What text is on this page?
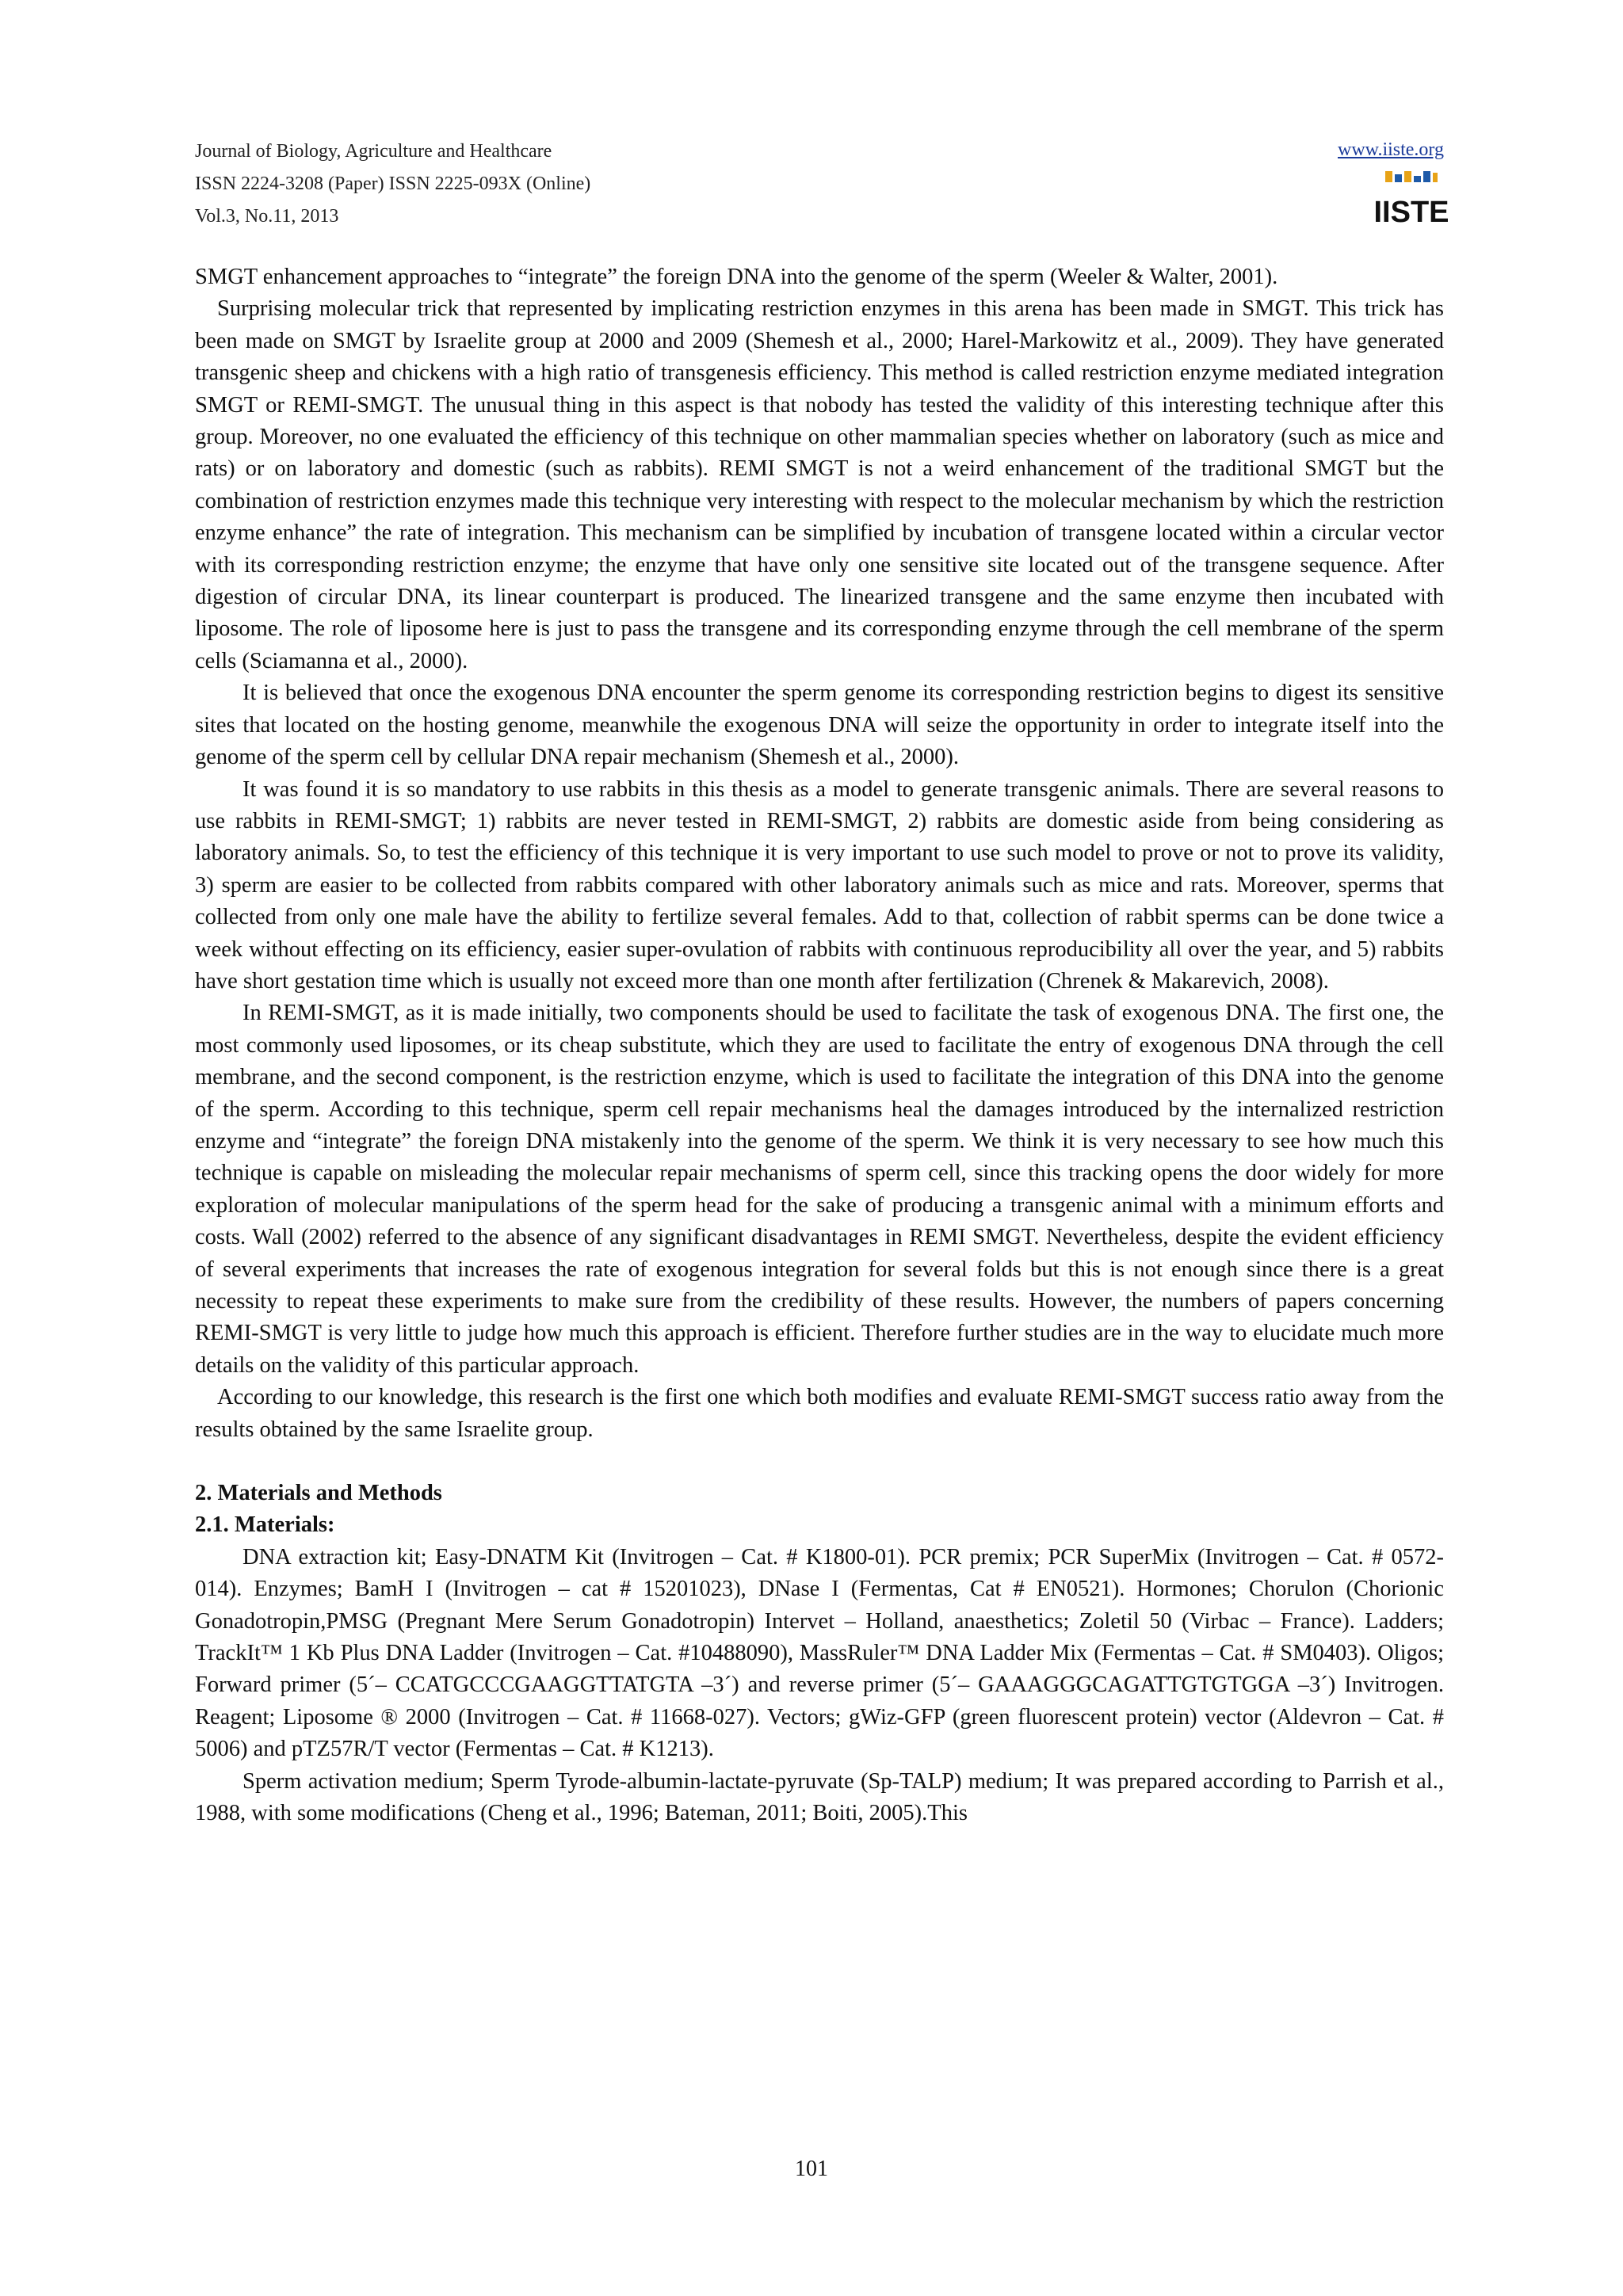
Journal of Biology, Agriculture and Healthcare
ISSN 2224-3208 (Paper) ISSN 2225-093X (Online)
Vol.3, No.11, 2013
www.iiste.org
IISTE

SMGT enhancement approaches to “integrate” the foreign DNA into the genome of the sperm (Weeler & Walter, 2001).

Surprising molecular trick that represented by implicating restriction enzymes in this arena has been made in SMGT. This trick has been made on SMGT by Israelite group at 2000 and 2009 (Shemesh et al., 2000; Harel-Markowitz et al., 2009). They have generated transgenic sheep and chickens with a high ratio of transgenesis efficiency. This method is called restriction enzyme mediated integration SMGT or REMI-SMGT. The unusual thing in this aspect is that nobody has tested the validity of this interesting technique after this group. Moreover, no one evaluated the efficiency of this technique on other mammalian species whether on laboratory (such as mice and rats) or on laboratory and domestic (such as rabbits). REMI SMGT is not a weird enhancement of the traditional SMGT but the combination of restriction enzymes made this technique very interesting with respect to the molecular mechanism by which the restriction enzyme enhance” the rate of integration. This mechanism can be simplified by incubation of transgene located within a circular vector with its corresponding restriction enzyme; the enzyme that have only one sensitive site located out of the transgene sequence. After digestion of circular DNA, its linear counterpart is produced. The linearized transgene and the same enzyme then incubated with liposome. The role of liposome here is just to pass the transgene and its corresponding enzyme through the cell membrane of the sperm cells (Sciamanna et al., 2000).

It is believed that once the exogenous DNA encounter the sperm genome its corresponding restriction begins to digest its sensitive sites that located on the hosting genome, meanwhile the exogenous DNA will seize the opportunity in order to integrate itself into the genome of the sperm cell by cellular DNA repair mechanism (Shemesh et al., 2000).

It was found it is so mandatory to use rabbits in this thesis as a model to generate transgenic animals. There are several reasons to use rabbits in REMI-SMGT; 1) rabbits are never tested in REMI-SMGT, 2) rabbits are domestic aside from being considering as laboratory animals. So, to test the efficiency of this technique it is very important to use such model to prove or not to prove its validity, 3) sperm are easier to be collected from rabbits compared with other laboratory animals such as mice and rats. Moreover, sperms that collected from only one male have the ability to fertilize several females. Add to that, collection of rabbit sperms can be done twice a week without effecting on its efficiency, easier super-ovulation of rabbits with continuous reproducibility all over the year, and 5) rabbits have short gestation time which is usually not exceed more than one month after fertilization (Chrenek & Makarevich, 2008).

In REMI-SMGT, as it is made initially, two components should be used to facilitate the task of exogenous DNA. The first one, the most commonly used liposomes, or its cheap substitute, which they are used to facilitate the entry of exogenous DNA through the cell membrane, and the second component, is the restriction enzyme, which is used to facilitate the integration of this DNA into the genome of the sperm. According to this technique, sperm cell repair mechanisms heal the damages introduced by the internalized restriction enzyme and “integrate” the foreign DNA mistakenly into the genome of the sperm. We think it is very necessary to see how much this technique is capable on misleading the molecular repair mechanisms of sperm cell, since this tracking opens the door widely for more exploration of molecular manipulations of the sperm head for the sake of producing a transgenic animal with a minimum efforts and costs. Wall (2002) referred to the absence of any significant disadvantages in REMI SMGT. Nevertheless, despite the evident efficiency of several experiments that increases the rate of exogenous integration for several folds but this is not enough since there is a great necessity to repeat these experiments to make sure from the credibility of these results. However, the numbers of papers concerning REMI-SMGT is very little to judge how much this approach is efficient. Therefore further studies are in the way to elucidate much more details on the validity of this particular approach.

According to our knowledge, this research is the first one which both modifies and evaluate REMI-SMGT success ratio away from the results obtained by the same Israelite group.

2. Materials and Methods

2.1. Materials:

DNA extraction kit; Easy-DNATM Kit (Invitrogen – Cat. # K1800-01). PCR premix; PCR SuperMix (Invitrogen – Cat. # 0572-014). Enzymes; BamH I (Invitrogen – cat # 15201023), DNase I (Fermentas, Cat # EN0521). Hormones; Chorulon (Chorionic Gonadotropin,PMSG (Pregnant Mere Serum Gonadotropin) Intervet – Holland, anaesthetics; Zoletil 50 (Virbac – France). Ladders; TrackIt™ 1 Kb Plus DNA Ladder (Invitrogen – Cat. #10488090), MassRuler™ DNA Ladder Mix (Fermentas – Cat. # SM0403). Oligos; Forward primer (5´– CCATGCCCGAAGGTTATGTA –3´) and reverse primer (5´– GAAAGGGCAGATTGTGTGGA –3´) Invitrogen. Reagent; Liposome ® 2000 (Invitrogen – Cat. # 11668-027). Vectors; gWiz-GFP (green fluorescent protein) vector (Aldevron – Cat. # 5006) and pTZ57R/T vector (Fermentas – Cat. # K1213).

Sperm activation medium; Sperm Tyrode-albumin-lactate-pyruvate (Sp-TALP) medium; It was prepared according to Parrish et al., 1988, with some modifications (Cheng et al., 1996; Bateman, 2011; Boiti, 2005).This

101
